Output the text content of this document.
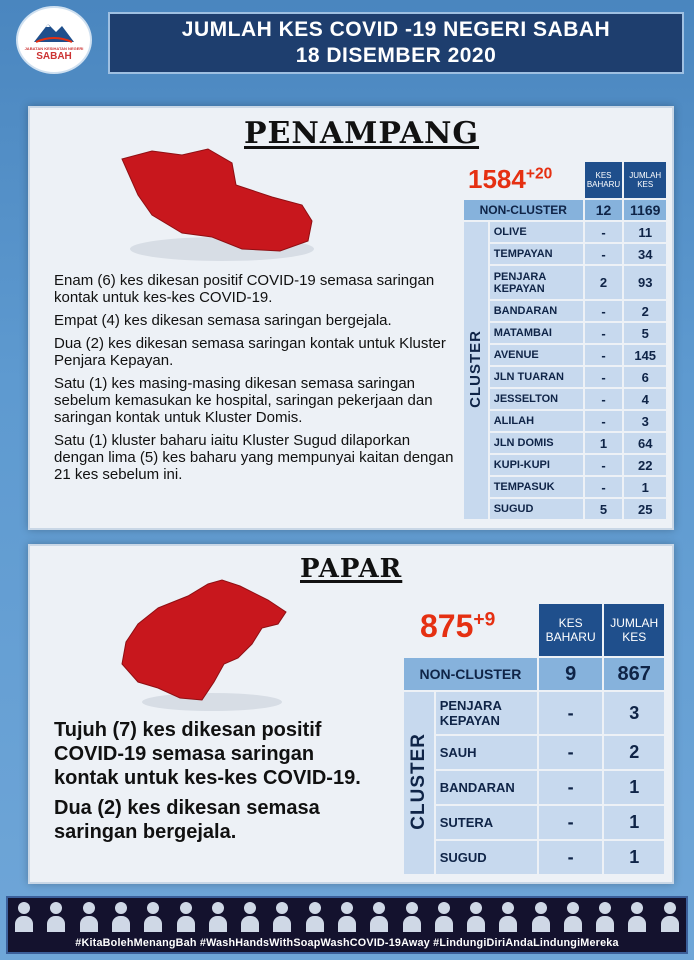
JABATAN KESIHATAN NEGERI
SABAH
JUMLAH KES COVID -19 NEGERI SABAH
18 DISEMBER 2020
PENAMPANG
$1584^{+20}$

Enam (6) kes dikesan positif COVID-19 semasa saringan kontak untuk kes-kes COVID-19.

Empat (4) kes dikesan semasa saringan bergejala.

Dua (2) kes dikesan semasa saringan kontak untuk Kluster Penjara Kepayan.

Satu (1) kes masing-masing dikesan semasa saringan sebelum kemasukan ke hospital, saringan pekerjaan dan saringan kontak untuk Kluster Domis.

Satu (1) kluster baharu iaitu Kluster Sugud dilaporkan dengan lima (5) kes baharu yang mempunyai kaitan dengan 21 kes sebelum ini.

		KES BAHARU	JUMLAH KES
NON-CLUSTER		12	1169
CLUSTER	OLIVE	-	11
	TEMPAYAN	-	34
	PENJARA KEPAYAN	2	93
	BANDARAN	-	2
	MATAMBAI	-	5
	AVENUE	-	145
	JLN TUARAN	-	6
	JESSELTON	-	4
	ALILAH	-	3
	JLN DOMIS	1	64
	KUPI-KUPI	-	22
	TEMPASUK	-	1
	SUGUD	5	25
PAPAR
$875^{+9}$

Tujuh (7) kes dikesan positif COVID-19 semasa saringan kontak untuk kes-kes COVID-19.

Dua (2) kes dikesan semasa saringan bergejala.

		KES BAHARU	JUMLAH KES
NON-CLUSTER		9	867
CLUSTER	PENJARA KEPAYAN	-	3
	SAUH	-	2
	BANDARAN	-	1
	SUTERA	-	1
	SUGUD	-	1
#KitaBolehMenangBah #WashHandsWithSoapWashCOVID-19Away #LindungiDiriAndaLindungiMereka
